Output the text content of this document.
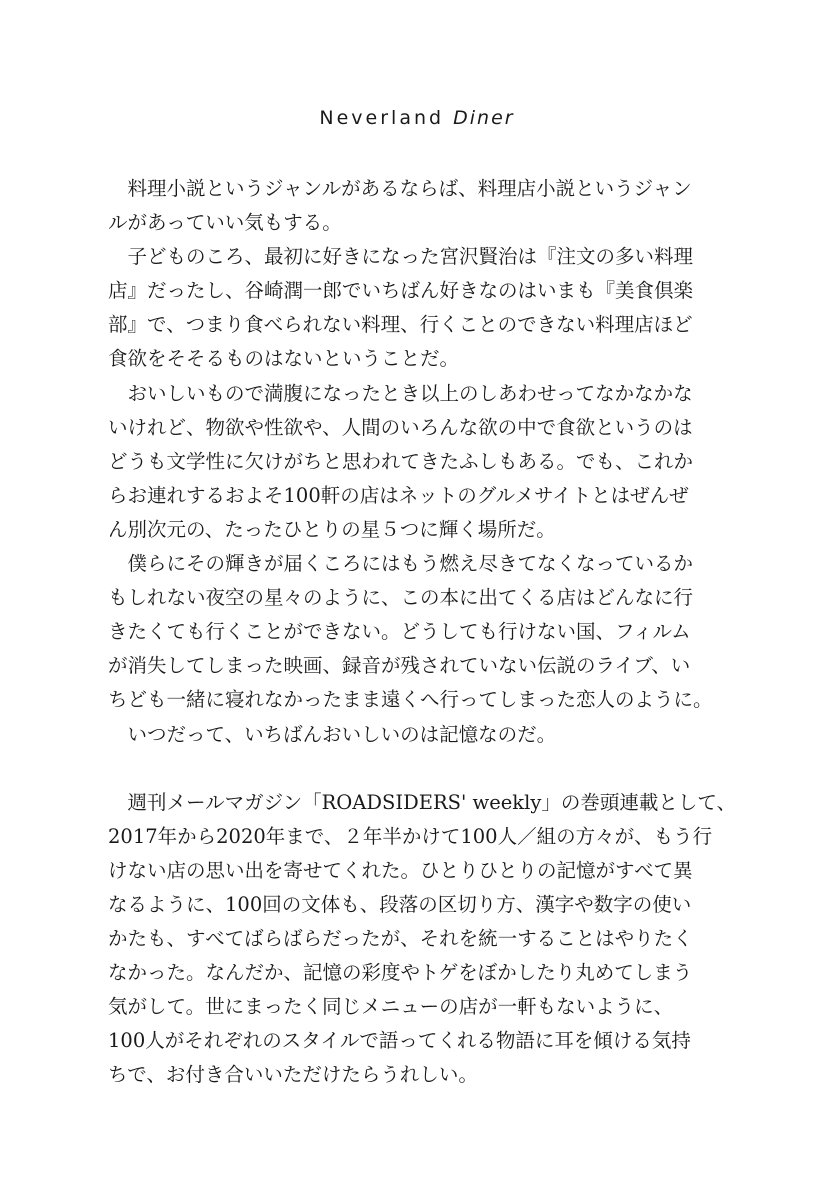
Neverland Diner
　料理小説というジャンルがあるならば、料理店小説というジャン
ルがあっていい気もする。
　子どものころ、最初に好きになった宮沢賢治は『注文の多い料理
店』だったし、谷崎潤一郎でいちばん好きなのはいまも『美食倶楽
部』で、つまり食べられない料理、行くことのできない料理店ほど
食欲をそそるものはないということだ。
　おいしいもので満腹になったとき以上のしあわせってなかなかな
いけれど、物欲や性欲や、人間のいろんな欲の中で食欲というのは
どうも文学性に欠けがちと思われてきたふしもある。でも、これか
らお連れするおよそ100軒の店はネットのグルメサイトとはぜんぜ
ん別次元の、たったひとりの星５つに輝く場所だ。
　僕らにその輝きが届くころにはもう燃え尽きてなくなっているか
もしれない夜空の星々のように、この本に出てくる店はどんなに行
きたくても行くことができない。どうしても行けない国、フィルム
が消失してしまった映画、録音が残されていない伝説のライブ、い
ちども一緒に寝れなかったまま遠くへ行ってしまった恋人のように。
　いつだって、いちばんおいしいのは記憶なのだ。
　週刊メールマガジン「ROADSIDERS' weekly」の巻頭連載として、
2017年から2020年まで、２年半かけて100人／組の方々が、もう行
けない店の思い出を寄せてくれた。ひとりひとりの記憶がすべて異
なるように、100回の文体も、段落の区切り方、漢字や数字の使い
かたも、すべてばらばらだったが、それを統一することはやりたく
なかった。なんだか、記憶の彩度やトゲをぼかしたり丸めてしまう
気がして。世にまったく同じメニューの店が一軒もないように、
100人がそれぞれのスタイルで語ってくれる物語に耳を傾ける気持
ちで、お付き合いいただけたらうれしい。
